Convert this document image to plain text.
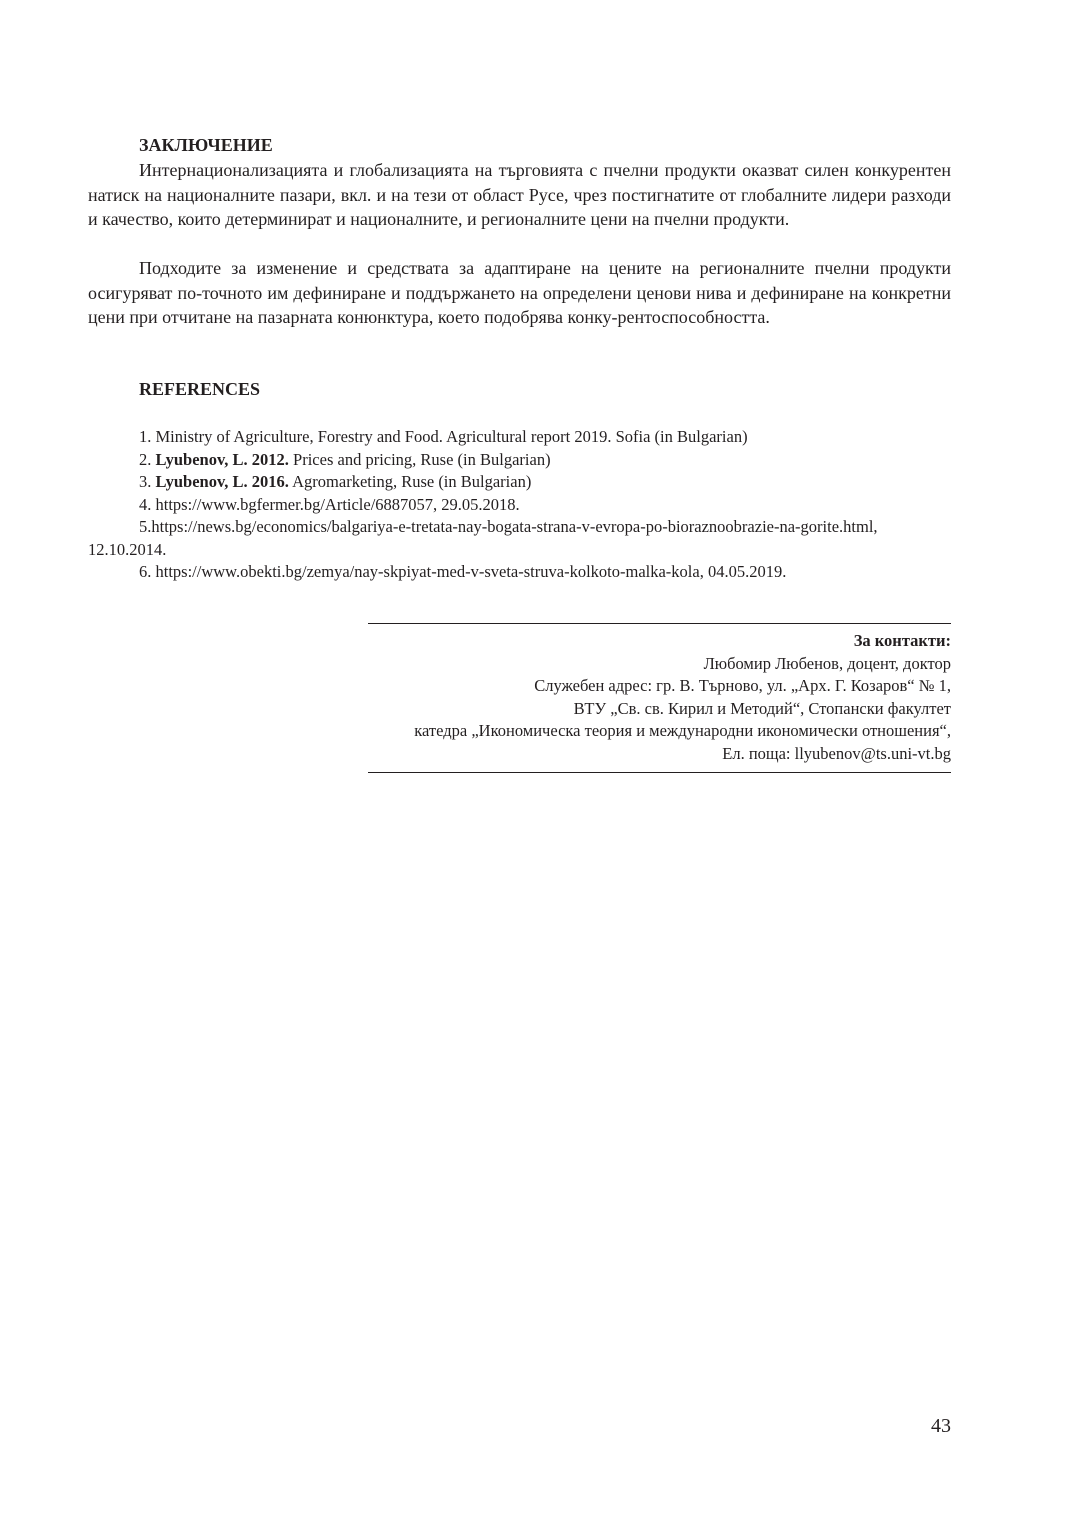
ЗАКЛЮЧЕНИЕ

Интернационализацията и глобализацията на търговията с пчелни продукти оказват силен конкурентен натиск на националните пазари, вкл. и на тези от област Русе, чрез постигнатите от глобалните лидери разходи и качество, които детерминират и националните, и регионалните цени на пчелни продукти.

Подходите за изменение и средствата за адаптиране на цените на регионалните пчелни продукти осигуряват по-точното им дефиниране и поддържането на определени ценови нива и дефиниране на конкретни цени при отчитане на пазарната конюнктура, което подобрява конку-рентоспособността.

REFERENCES
1. Ministry of Agriculture, Forestry and Food. Agricultural report 2019. Sofia (in Bulgarian)
2. Lyubenov, L. 2012. Prices and pricing, Ruse (in Bulgarian)
3. Lyubenov, L. 2016. Agromarketing, Ruse (in Bulgarian)
4. https://www.bgfermer.bg/Article/6887057, 29.05.2018.
5.https://news.bg/economics/balgariya-e-tretata-nay-bogata-strana-v-evropa-po-bioraznoobrazie-na-gorite.html, 12.10.2014.
6. https://www.obekti.bg/zemya/nay-skpiyat-med-v-sveta-struva-kolkoto-malka-kola, 04.05.2019.
За контакти:
Любомир Любенов, доцент, доктор
Служебен адрес: гр. В. Търново, ул. „Арх. Г. Козаров“ № 1,
ВТУ „Св. св. Кирил и Методий“, Стопански факултет
катедра „Икономическа теория и международни икономически отношения“,
Ел. поща: llyubenov@ts.uni-vt.bg
43
